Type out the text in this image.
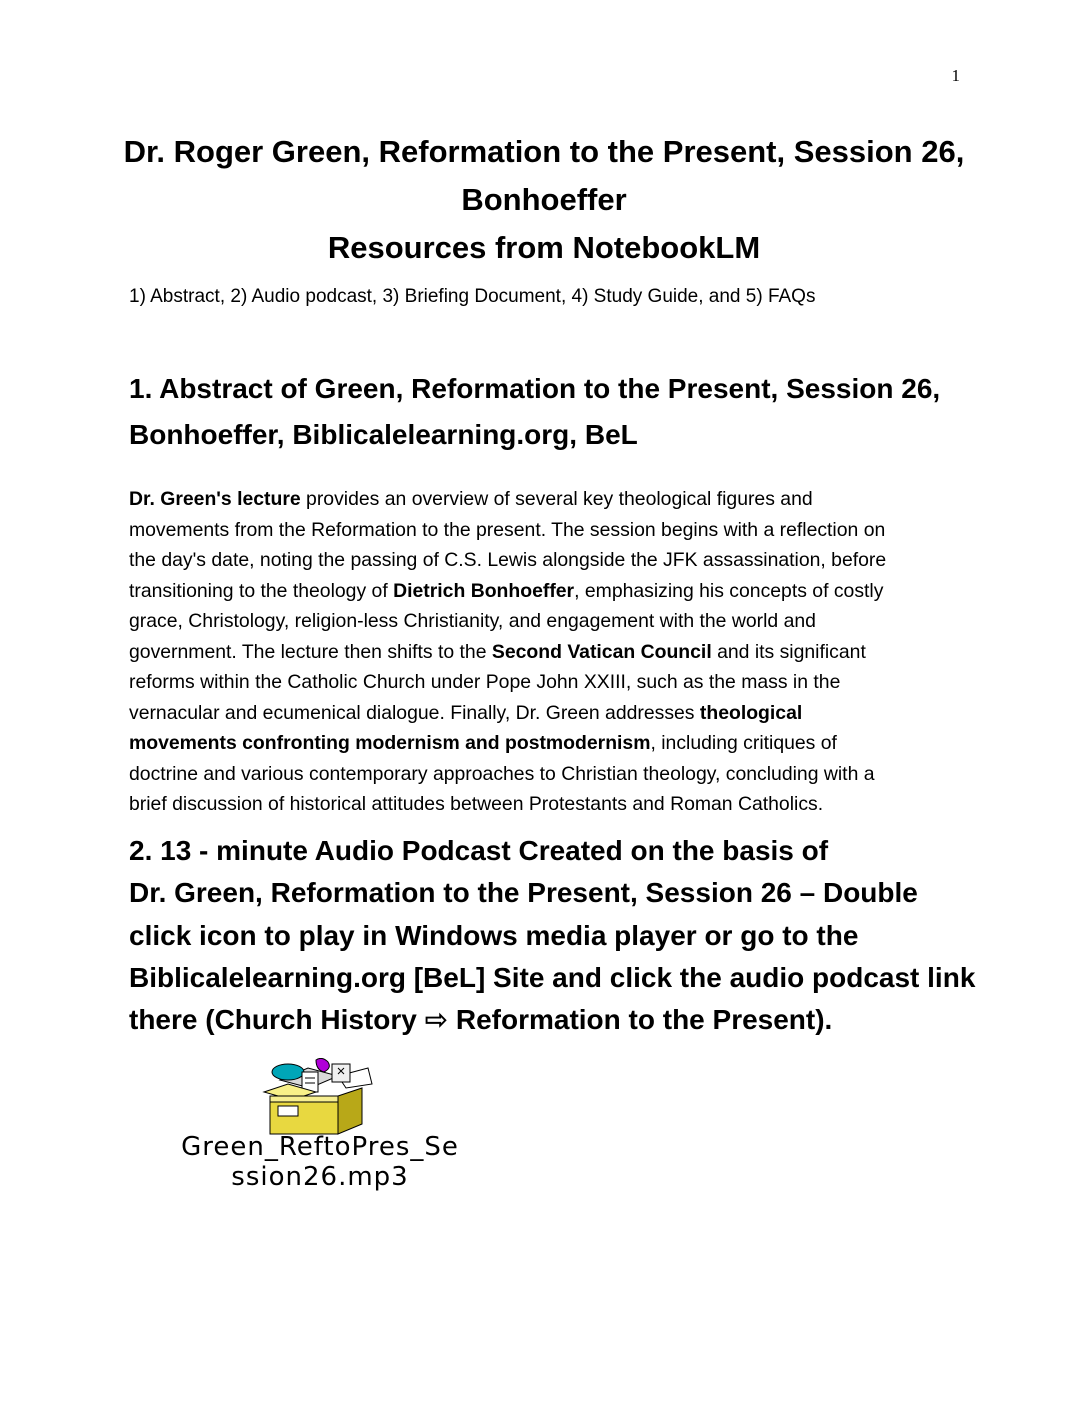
1
Dr. Roger Green, Reformation to the Present, Session 26,
Bonhoeffer
Resources from NotebookLM
1) Abstract, 2) Audio podcast, 3) Briefing Document, 4) Study Guide, and 5) FAQs
1. Abstract of Green, Reformation to the Present, Session 26,
Bonhoeffer, Biblicalelearning.org, BeL
Dr. Green's lecture provides an overview of several key theological figures and
movements from the Reformation to the present. The session begins with a reflection on
the day's date, noting the passing of C.S. Lewis alongside the JFK assassination, before
transitioning to the theology of Dietrich Bonhoeffer, emphasizing his concepts of costly
grace, Christology, religion-less Christianity, and engagement with the world and
government. The lecture then shifts to the Second Vatican Council and its significant
reforms within the Catholic Church under Pope John XXIII, such as the mass in the
vernacular and ecumenical dialogue. Finally, Dr. Green addresses theological
movements confronting modernism and postmodernism, including critiques of
doctrine and various contemporary approaches to Christian theology, concluding with a
brief discussion of historical attitudes between Protestants and Roman Catholics.
2. 13 - minute Audio Podcast Created on the basis of
Dr. Green, Reformation to the Present, Session 26 – Double
click icon to play in Windows media player or go to the
Biblicalelearning.org [BeL] Site and click the audio podcast link
there (Church History ⇨ Reformation to the Present).
Green_ReftoPres_Se
ssion26.mp3
